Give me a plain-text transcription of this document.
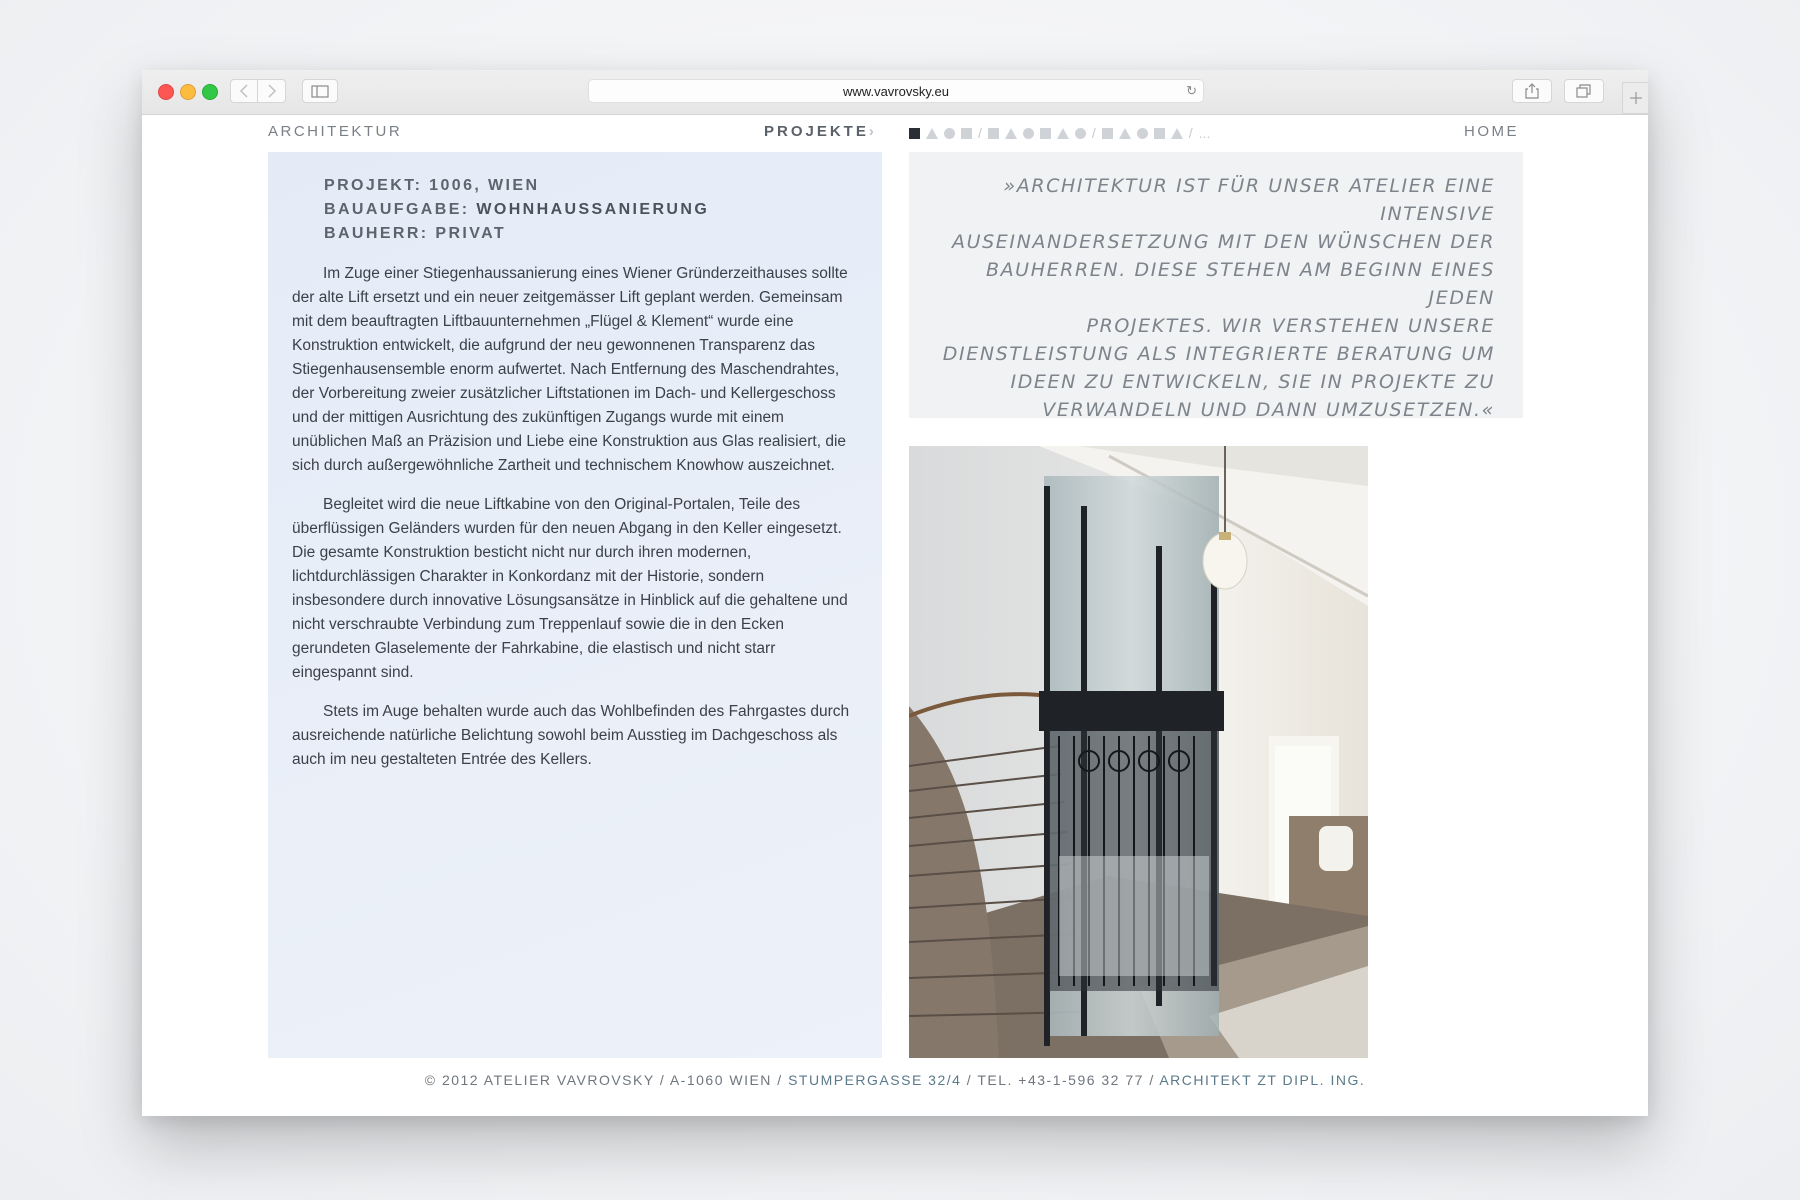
www.vavrovsky.eu	↻
ARCHITEKTUR	PROJEKTE›	/	/	/ ...	HOME
PROJEKT: 1006, WIEN
BAUAUFGABE: WOHNHAUSSANIERUNG
BAUHERR: PRIVAT

Im Zuge einer Stiegenhaussanierung eines Wiener Gründerzeithauses sollte der alte Lift ersetzt und ein neuer zeitgemässer Lift geplant werden. Gemeinsam mit dem beauftragten Liftbauunternehmen „Flügel & Klement“ wurde eine Konstruktion entwickelt, die aufgrund der neu gewonnenen Transparenz das Stiegenhausensemble enorm aufwertet. Nach Entfernung des Maschendrahtes, der Vorbereitung zweier zusätzlicher Liftstationen im Dach- und Kellergeschoss und der mittigen Ausrichtung des zukünftigen Zugangs wurde mit einem unüblichen Maß an Präzision und Liebe eine Konstruktion aus Glas realisiert, die sich durch außergewöhnliche Zartheit und technischem Knowhow auszeichnet.

Begleitet wird die neue Liftkabine von den Original-Portalen, Teile des überflüssigen Geländers wurden für den neuen Abgang in den Keller eingesetzt. Die gesamte Konstruktion besticht nicht nur durch ihren modernen, lichtdurchlässigen Charakter in Konkordanz mit der Historie, sondern insbesondere durch innovative Lösungsansätze in Hinblick auf die gehaltene und nicht verschraubte Verbindung zum Treppenlauf sowie die in den Ecken gerundeten Glaselemente der Fahrkabine, die elastisch und nicht starr eingespannt sind.

Stets im Auge behalten wurde auch das Wohlbefinden des Fahrgastes durch ausreichende natürliche Belichtung sowohl beim Ausstieg im Dachgeschoss als auch im neu gestalteten Entrée des Kellers.

»ARCHITEKTUR IST FÜR UNSER ATELIER EINE
INTENSIVE
AUSEINANDERSETZUNG MIT DEN WÜNSCHEN DER
BAUHERREN. DIESE STEHEN AM BEGINN EINES JEDEN
PROJEKTES. WIR VERSTEHEN UNSERE
DIENSTLEISTUNG ALS INTEGRIERTE BERATUNG UM
IDEEN ZU ENTWICKELN, SIE IN PROJEKTE ZU
VERWANDELN UND DANN UMZUSETZEN.«
© 2012 ATELIER VAVROVSKY / A-1060 WIEN / STUMPERGASSE 32/4 / TEL. +43-1-596 32 77 / ARCHITEKT ZT DIPL. ING.
